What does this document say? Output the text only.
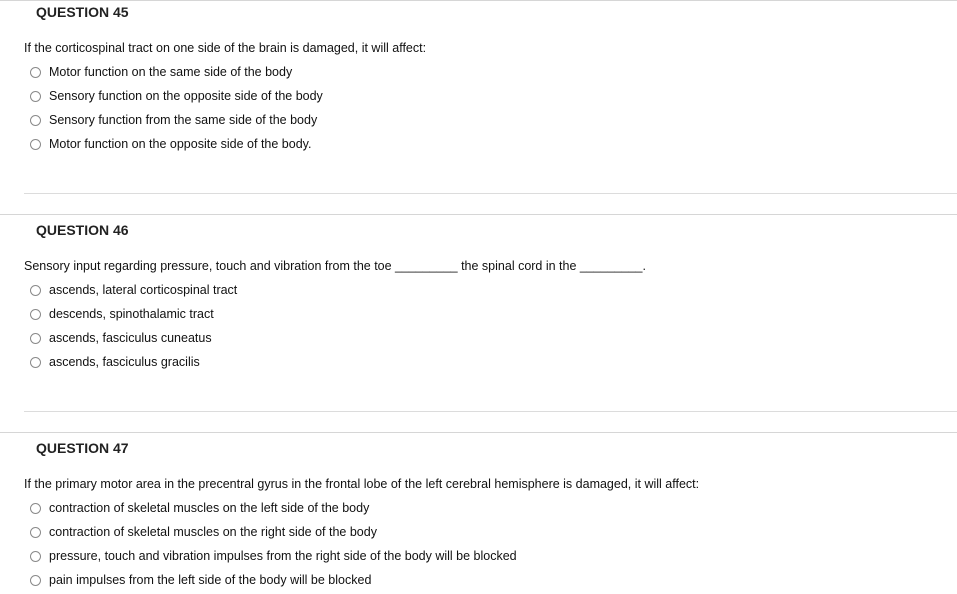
QUESTION 45
If the corticospinal tract on one side of the brain is damaged, it will affect:
Motor function on the same side of the body
Sensory function on the opposite side of the body
Sensory function from the same side of the body
Motor function on the opposite side of the body.
QUESTION 46
Sensory input regarding pressure, touch and vibration from the toe _________ the spinal cord in the _________.
ascends, lateral corticospinal tract
descends, spinothalamic tract
ascends, fasciculus cuneatus
ascends, fasciculus gracilis
QUESTION 47
If the primary motor area in the precentral gyrus in the frontal lobe of the left cerebral hemisphere is damaged, it will affect:
contraction of skeletal muscles on the left side of the body
contraction of skeletal muscles on the right side of the body
pressure, touch and vibration impulses from the right side of the body will be blocked
pain impulses from the left side of the body will be blocked
